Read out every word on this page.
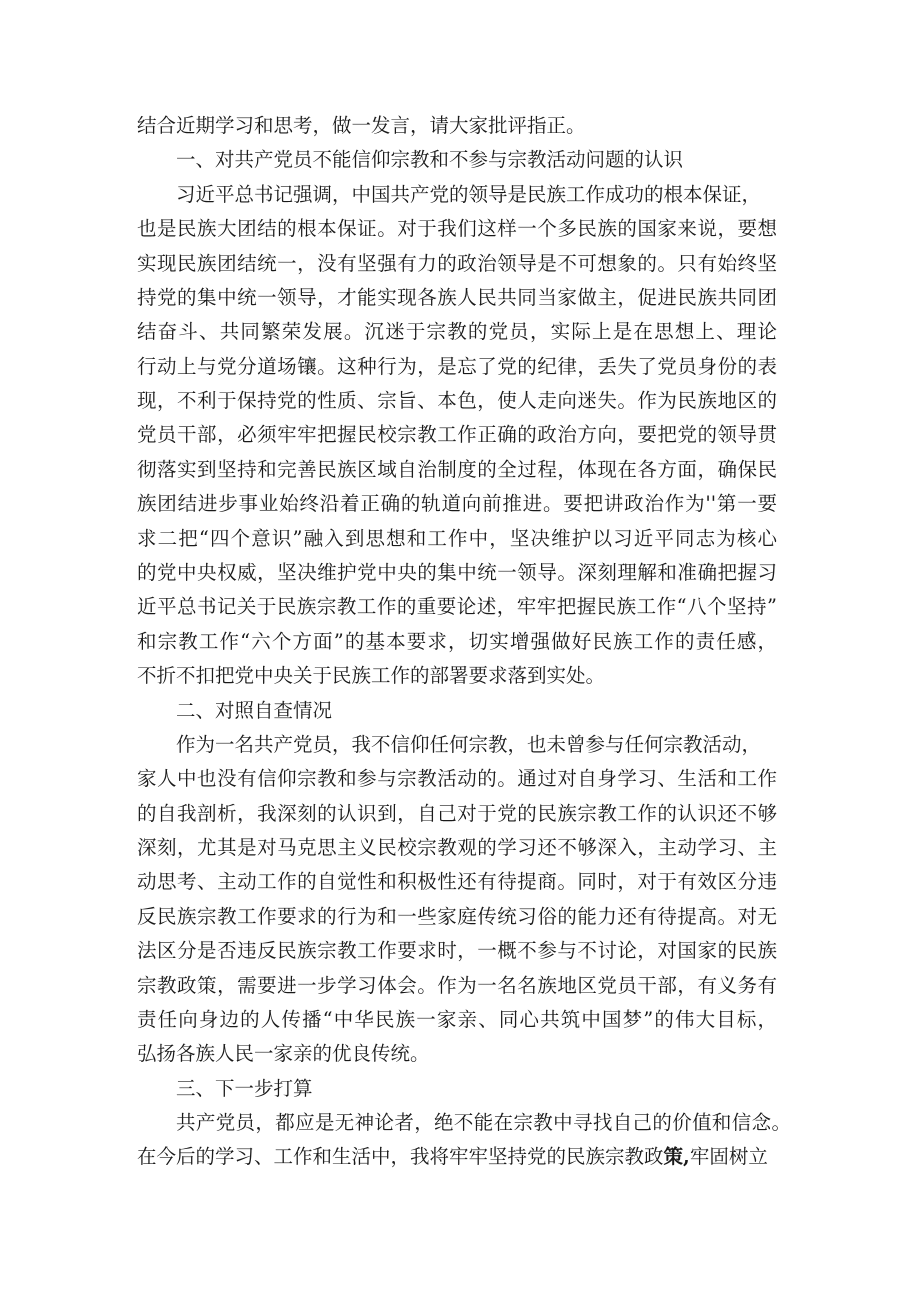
结合近期学习和思考，做一发言，请大家批评指正。
一、对共产党员不能信仰宗教和不参与宗教活动问题的认识
习近平总书记强调，中国共产党的领导是民族工作成功的根本保证，
也是民族大团结的根本保证。对于我们这样一个多民族的国家来说，要想
实现民族团结统一，没有坚强有力的政治领导是不可想象的。只有始终坚
持党的集中统一领导，才能实现各族人民共同当家做主，促进民族共同团
结奋斗、共同繁荣发展。沉迷于宗教的党员，实际上是在思想上、理论
行动上与党分道场镶。这种行为，是忘了党的纪律，丢失了党员身份的表
现，不利于保持党的性质、宗旨、本色，使人走向迷失。作为民族地区的
党员干部，必须牢牢把握民校宗教工作正确的政治方向，要把党的领导贯
彻落实到坚持和完善民族区域自治制度的全过程，体现在各方面，确保民
族团结进步事业始终沿着正确的轨道向前推进。要把讲政治作为''第一要
求二把“四个意识”融入到思想和工作中，坚决维护以习近平同志为核心
的党中央权威，坚决维护党中央的集中统一领导。深刻理解和准确把握习
近平总书记关于民族宗教工作的重要论述，牢牢把握民族工作“八个坚持”
和宗教工作“六个方面”的基本要求，切实增强做好民族工作的责任感，
不折不扣把党中央关于民族工作的部署要求落到实处。
二、对照自查情况
作为一名共产党员，我不信仰任何宗教，也未曾参与任何宗教活动，
家人中也没有信仰宗教和参与宗教活动的。通过对自身学习、生活和工作
的自我剖析，我深刻的认识到，自己对于党的民族宗教工作的认识还不够
深刻，尤其是对马克思主义民校宗教观的学习还不够深入，主动学习、主
动思考、主动工作的自觉性和积极性还有待提商。同时，对于有效区分违
反民族宗教工作要求的行为和一些家庭传统习俗的能力还有待提高。对无
法区分是否违反民族宗教工作要求时，一概不参与不讨论，对国家的民族
宗教政策，需要进一步学习体会。作为一名名族地区党员干部，有义务有
责任向身边的人传播“中华民族一家亲、同心共筑中国梦”的伟大目标，
弘扬各族人民一家亲的优良传统。
三、下一步打算
共产党员，都应是无神论者，绝不能在宗教中寻找自己的价值和信念。
在今后的学习、工作和生活中，我将牢牢坚持党的民族宗教政策,牢固树立
